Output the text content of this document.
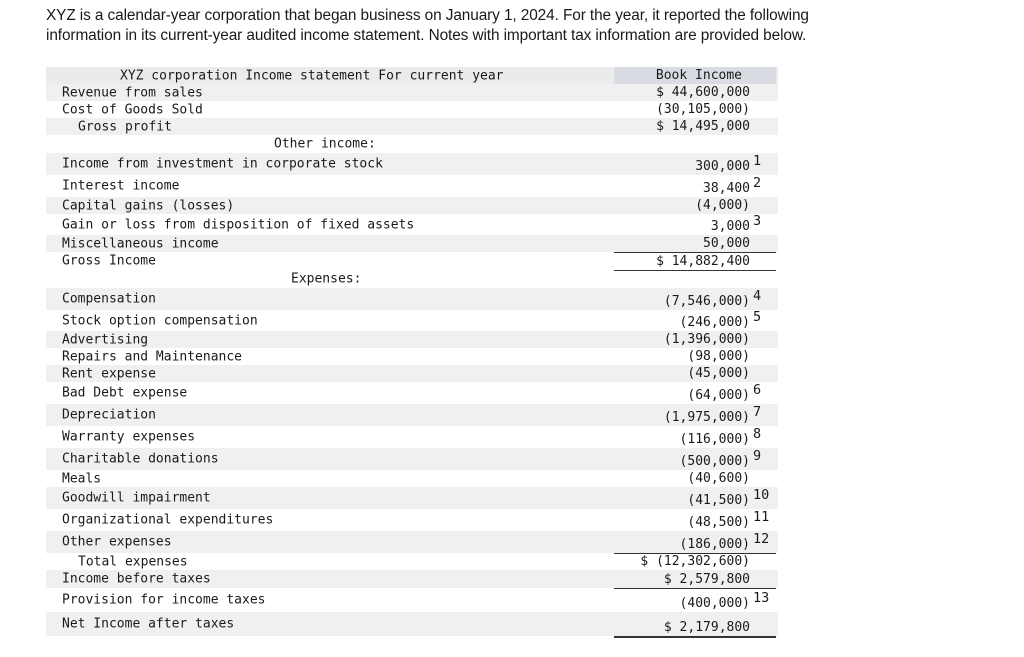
XYZ is a calendar-year corporation that began business on January 1, 2024. For the year, it reported the following

information in its current-year audited income statement. Notes with important tax information are provided below.

XYZ corporation Income statement For current year

	Book Income

Revenue from sales	$ 44,600,000
Cost of Goods Sold	(30,105,000)
Gross profit	$ 14,495,000
Other income:
Income from investment in corporate stock	300,000 1
Interest income	38,400 2
Capital gains (losses)	(4,000)
Gain or loss from disposition of fixed assets	3,000 3
Miscellaneous income	50,000
Gross Income	$ 14,882,400
Expenses:
Compensation	(7,546,000) 4
Stock option compensation	(246,000) 5
Advertising	(1,396,000)
Repairs and Maintenance	(98,000)
Rent expense	(45,000)
Bad Debt expense	(64,000) 6
Depreciation	(1,975,000) 7
Warranty expenses	(116,000) 8
Charitable donations	(500,000) 9
Meals	(40,600)
Goodwill impairment	(41,500) 10
Organizational expenditures	(48,500) 11
Other expenses	(186,000) 12
Total expenses	$ (12,302,600)
Income before taxes	$ 2,579,800
Provision for income taxes	(400,000) 13
Net Income after taxes	$ 2,179,800
